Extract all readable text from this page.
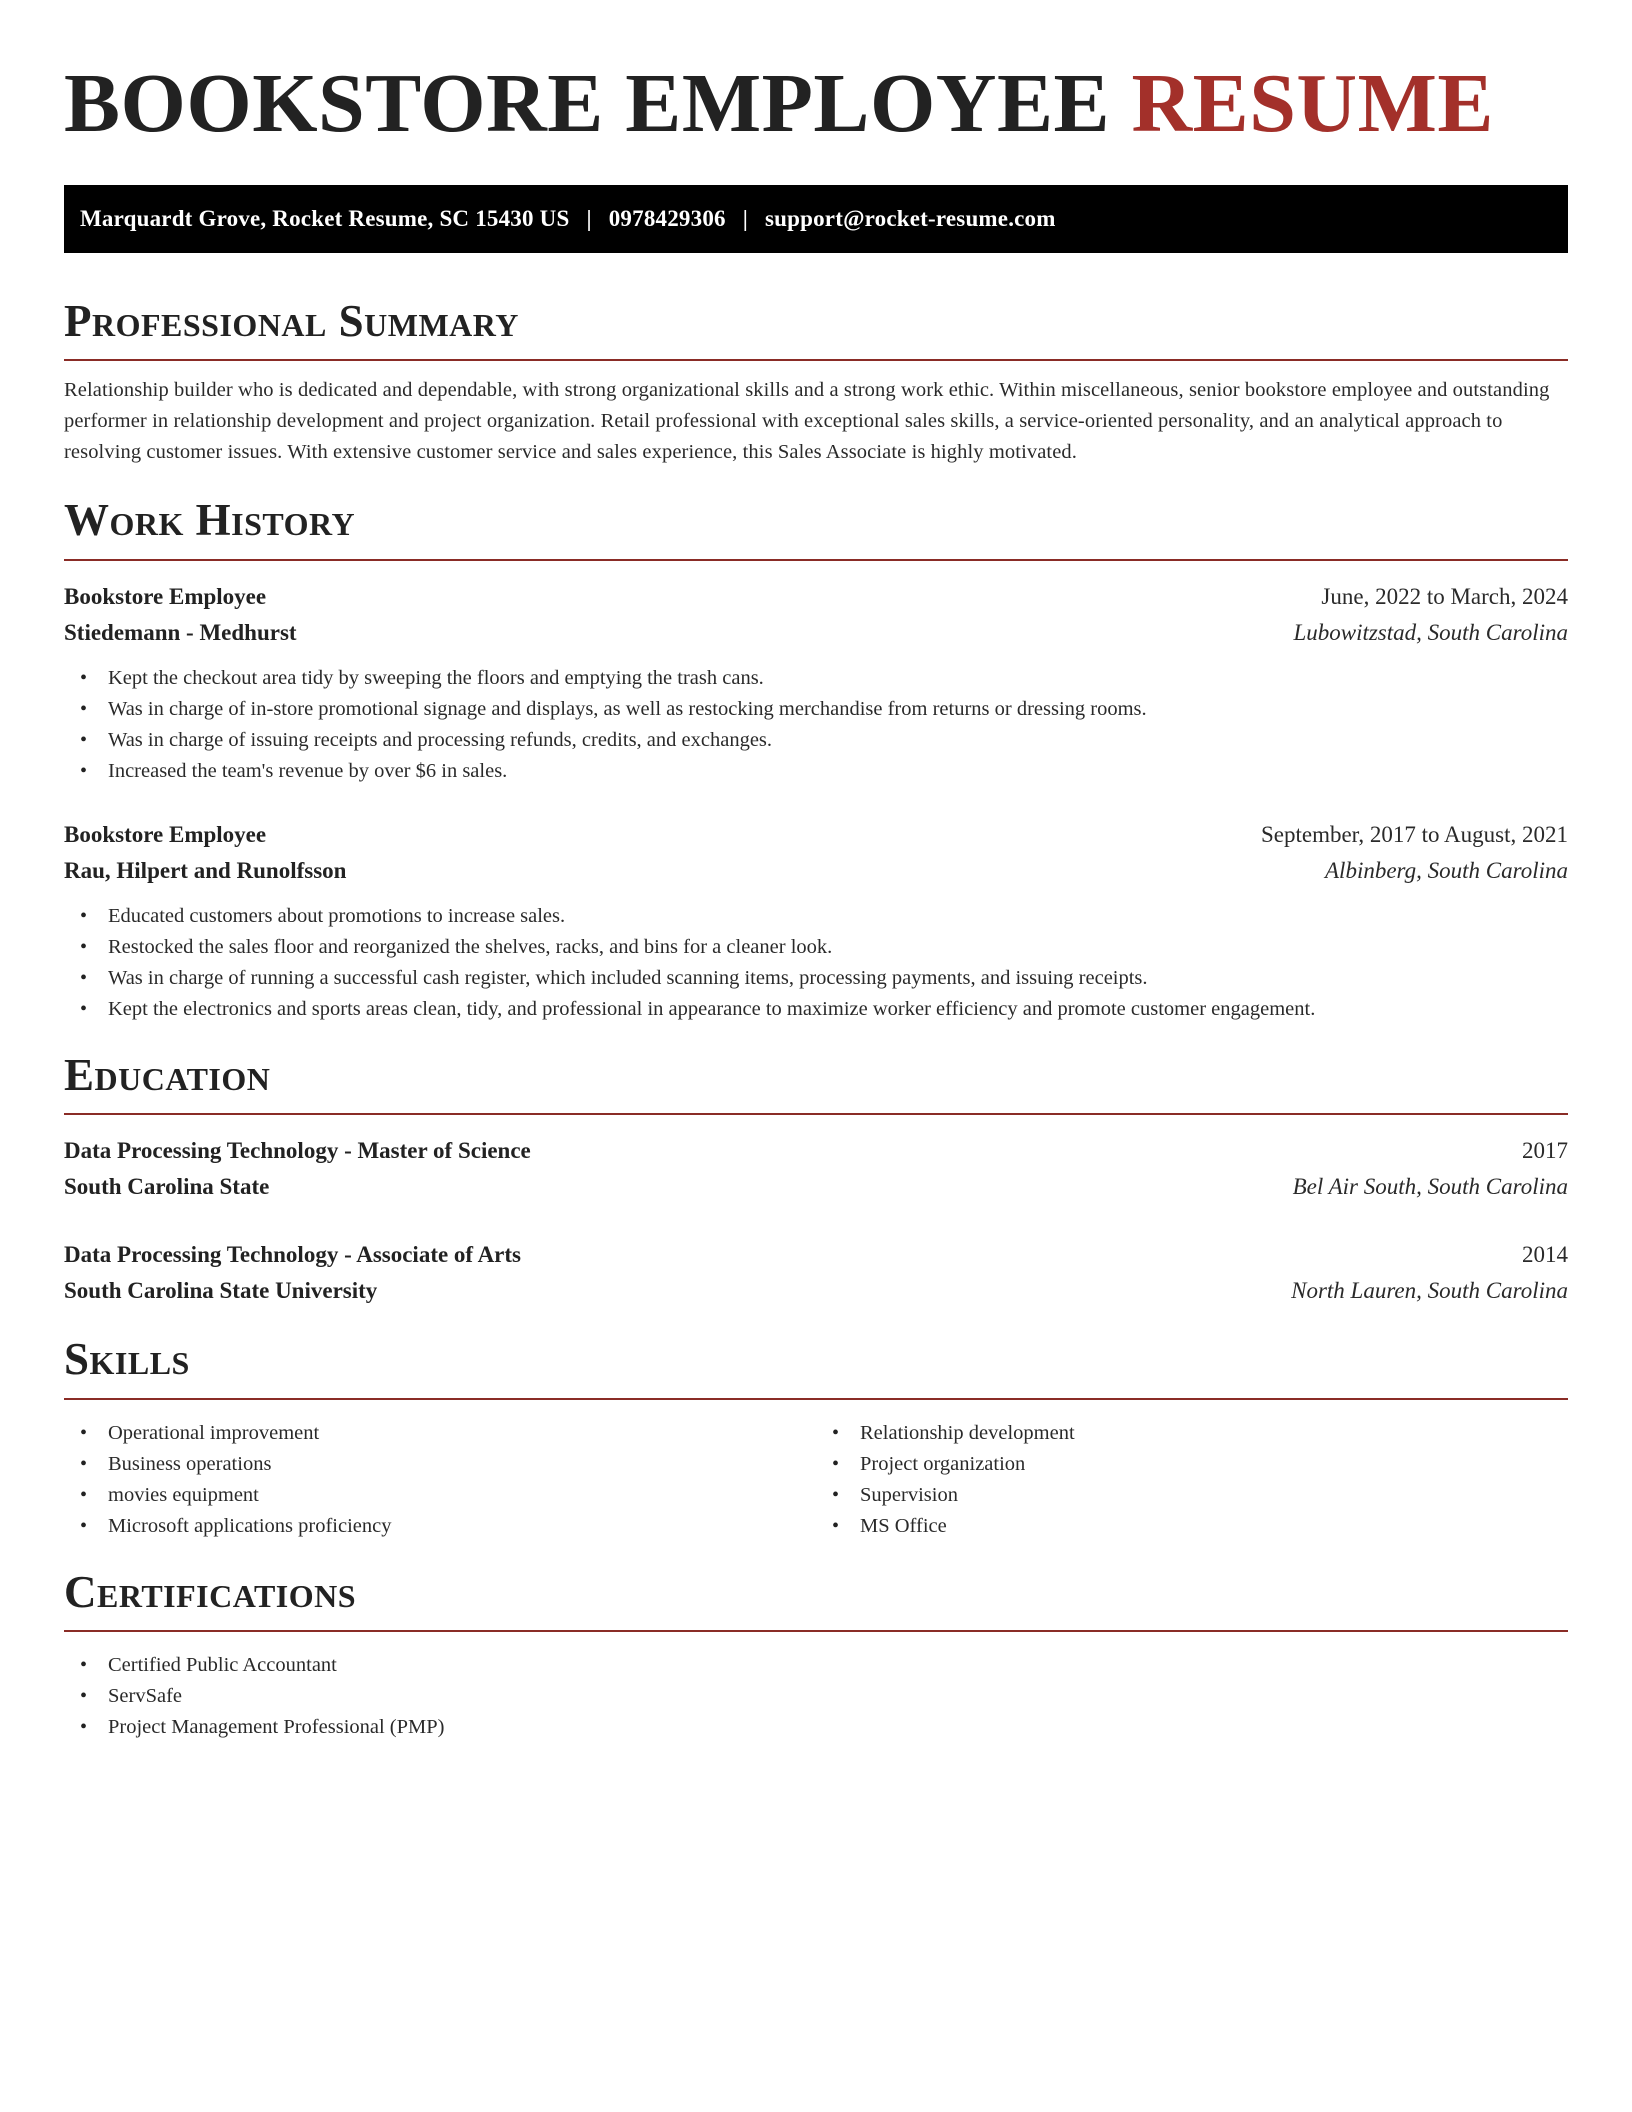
BOOKSTORE EMPLOYEE RESUME
Marquardt Grove, Rocket Resume, SC 15430 US | 0978429306 | support@rocket-resume.com
Professional Summary

Relationship builder who is dedicated and dependable, with strong organizational skills and a strong work ethic. Within miscellaneous, senior bookstore employee and outstanding performer in relationship development and project organization. Retail professional with exceptional sales skills, a service-oriented personality, and an analytical approach to resolving customer issues. With extensive customer service and sales experience, this Sales Associate is highly motivated.

Work History
Bookstore Employee	June, 2022 to March, 2024
Stiedemann - Medhurst	Lubowitzstad, South Carolina
• Kept the checkout area tidy by sweeping the floors and emptying the trash cans.
• Was in charge of in-store promotional signage and displays, as well as restocking merchandise from returns or dressing rooms.
• Was in charge of issuing receipts and processing refunds, credits, and exchanges.
• Increased the team's revenue by over $6 in sales.
Bookstore Employee	September, 2017 to August, 2021
Rau, Hilpert and Runolfsson	Albinberg, South Carolina
• Educated customers about promotions to increase sales.
• Restocked the sales floor and reorganized the shelves, racks, and bins for a cleaner look.
• Was in charge of running a successful cash register, which included scanning items, processing payments, and issuing receipts.
• Kept the electronics and sports areas clean, tidy, and professional in appearance to maximize worker efficiency and promote customer engagement.
Education
Data Processing Technology - Master of Science	2017
South Carolina State	Bel Air South, South Carolina
Data Processing Technology - Associate of Arts	2014
South Carolina State University	North Lauren, South Carolina
Skills
• Operational improvement
• Business operations
• movies equipment
• Microsoft applications proficiency
• Relationship development
• Project organization
• Supervision
• MS Office
Certifications
• Certified Public Accountant
• ServSafe
• Project Management Professional (PMP)
